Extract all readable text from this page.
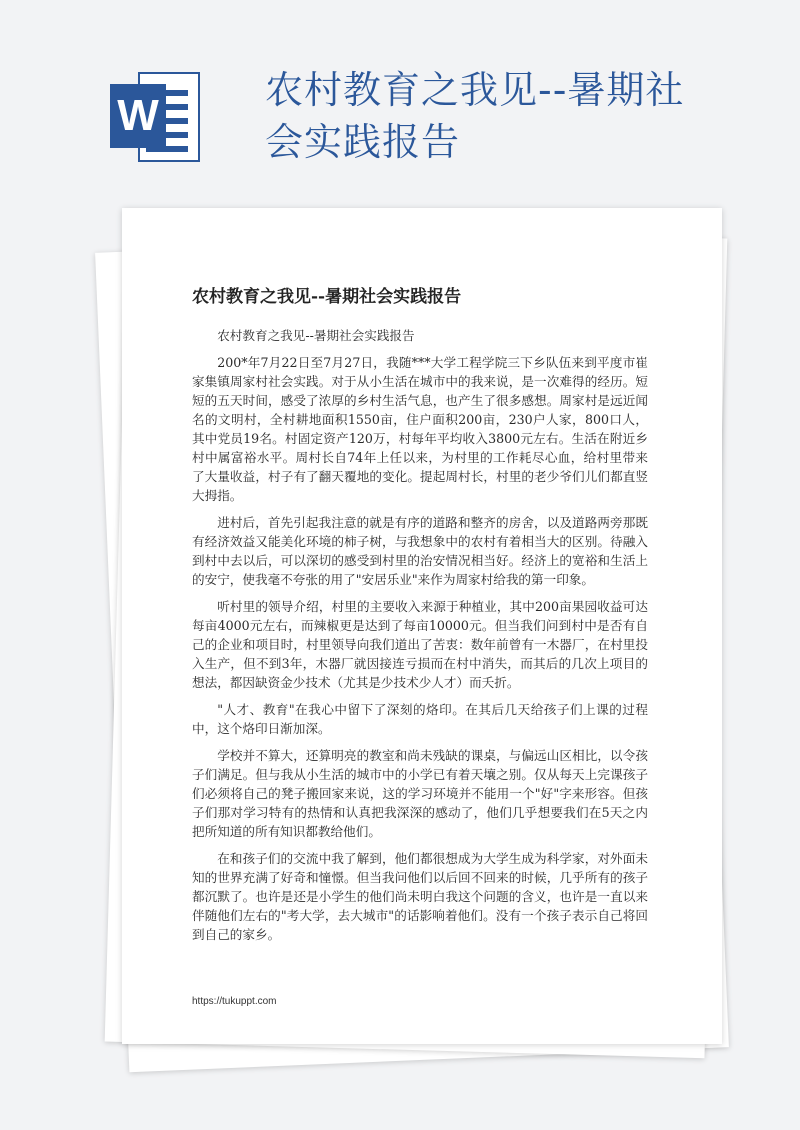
W
农村教育之我见--暑期社会实践报告
农村教育之我见--暑期社会实践报告

农村教育之我见--暑期社会实践报告

200*年7月22日至7月27日，我随***大学工程学院三下乡队伍来到平度市崔家集镇周家村社会实践。对于从小生活在城市中的我来说，是一次难得的经历。短短的五天时间，感受了浓厚的乡村生活气息，也产生了很多感想。周家村是远近闻名的文明村，全村耕地面积1550亩，住户面积200亩，230户人家，800口人，其中党员19名。村固定资产120万，村每年平均收入3800元左右。生活在附近乡村中属富裕水平。周村长自74年上任以来，为村里的工作耗尽心血，给村里带来了大量收益，村子有了翻天覆地的变化。提起周村长，村里的老少爷们儿们都直竖大拇指。

进村后，首先引起我注意的就是有序的道路和整齐的房舍，以及道路两旁那既有经济效益又能美化环境的柿子树，与我想象中的农村有着相当大的区别。待融入到村中去以后，可以深切的感受到村里的治安情况相当好。经济上的宽裕和生活上的安宁，使我毫不夸张的用了"安居乐业"来作为周家村给我的第一印象。

听村里的领导介绍，村里的主要收入来源于种植业，其中200亩果园收益可达每亩4000元左右，而辣椒更是达到了每亩10000元。但当我们问到村中是否有自己的企业和项目时，村里领导向我们道出了苦衷：数年前曾有一木器厂，在村里投入生产，但不到3年，木器厂就因接连亏损而在村中消失，而其后的几次上项目的想法，都因缺资金少技术（尤其是少技术少人才）而夭折。

"人才、教育"在我心中留下了深刻的烙印。在其后几天给孩子们上课的过程中，这个烙印日渐加深。

学校并不算大，还算明亮的教室和尚未残缺的课桌，与偏远山区相比，以令孩子们满足。但与我从小生活的城市中的小学已有着天壤之别。仅从每天上完课孩子们必须将自己的凳子搬回家来说，这的学习环境并不能用一个"好"字来形容。但孩子们那对学习特有的热情和认真把我深深的感动了，他们几乎想要我们在5天之内把所知道的所有知识都教给他们。

在和孩子们的交流中我了解到，他们都很想成为大学生成为科学家，对外面未知的世界充满了好奇和憧憬。但当我问他们以后回不回来的时候，几乎所有的孩子都沉默了。也许是还是小学生的他们尚未明白我这个问题的含义，也许是一直以来伴随他们左右的"考大学，去大城市"的话影响着他们。没有一个孩子表示自己将回到自己的家乡。

https://tukuppt.com
